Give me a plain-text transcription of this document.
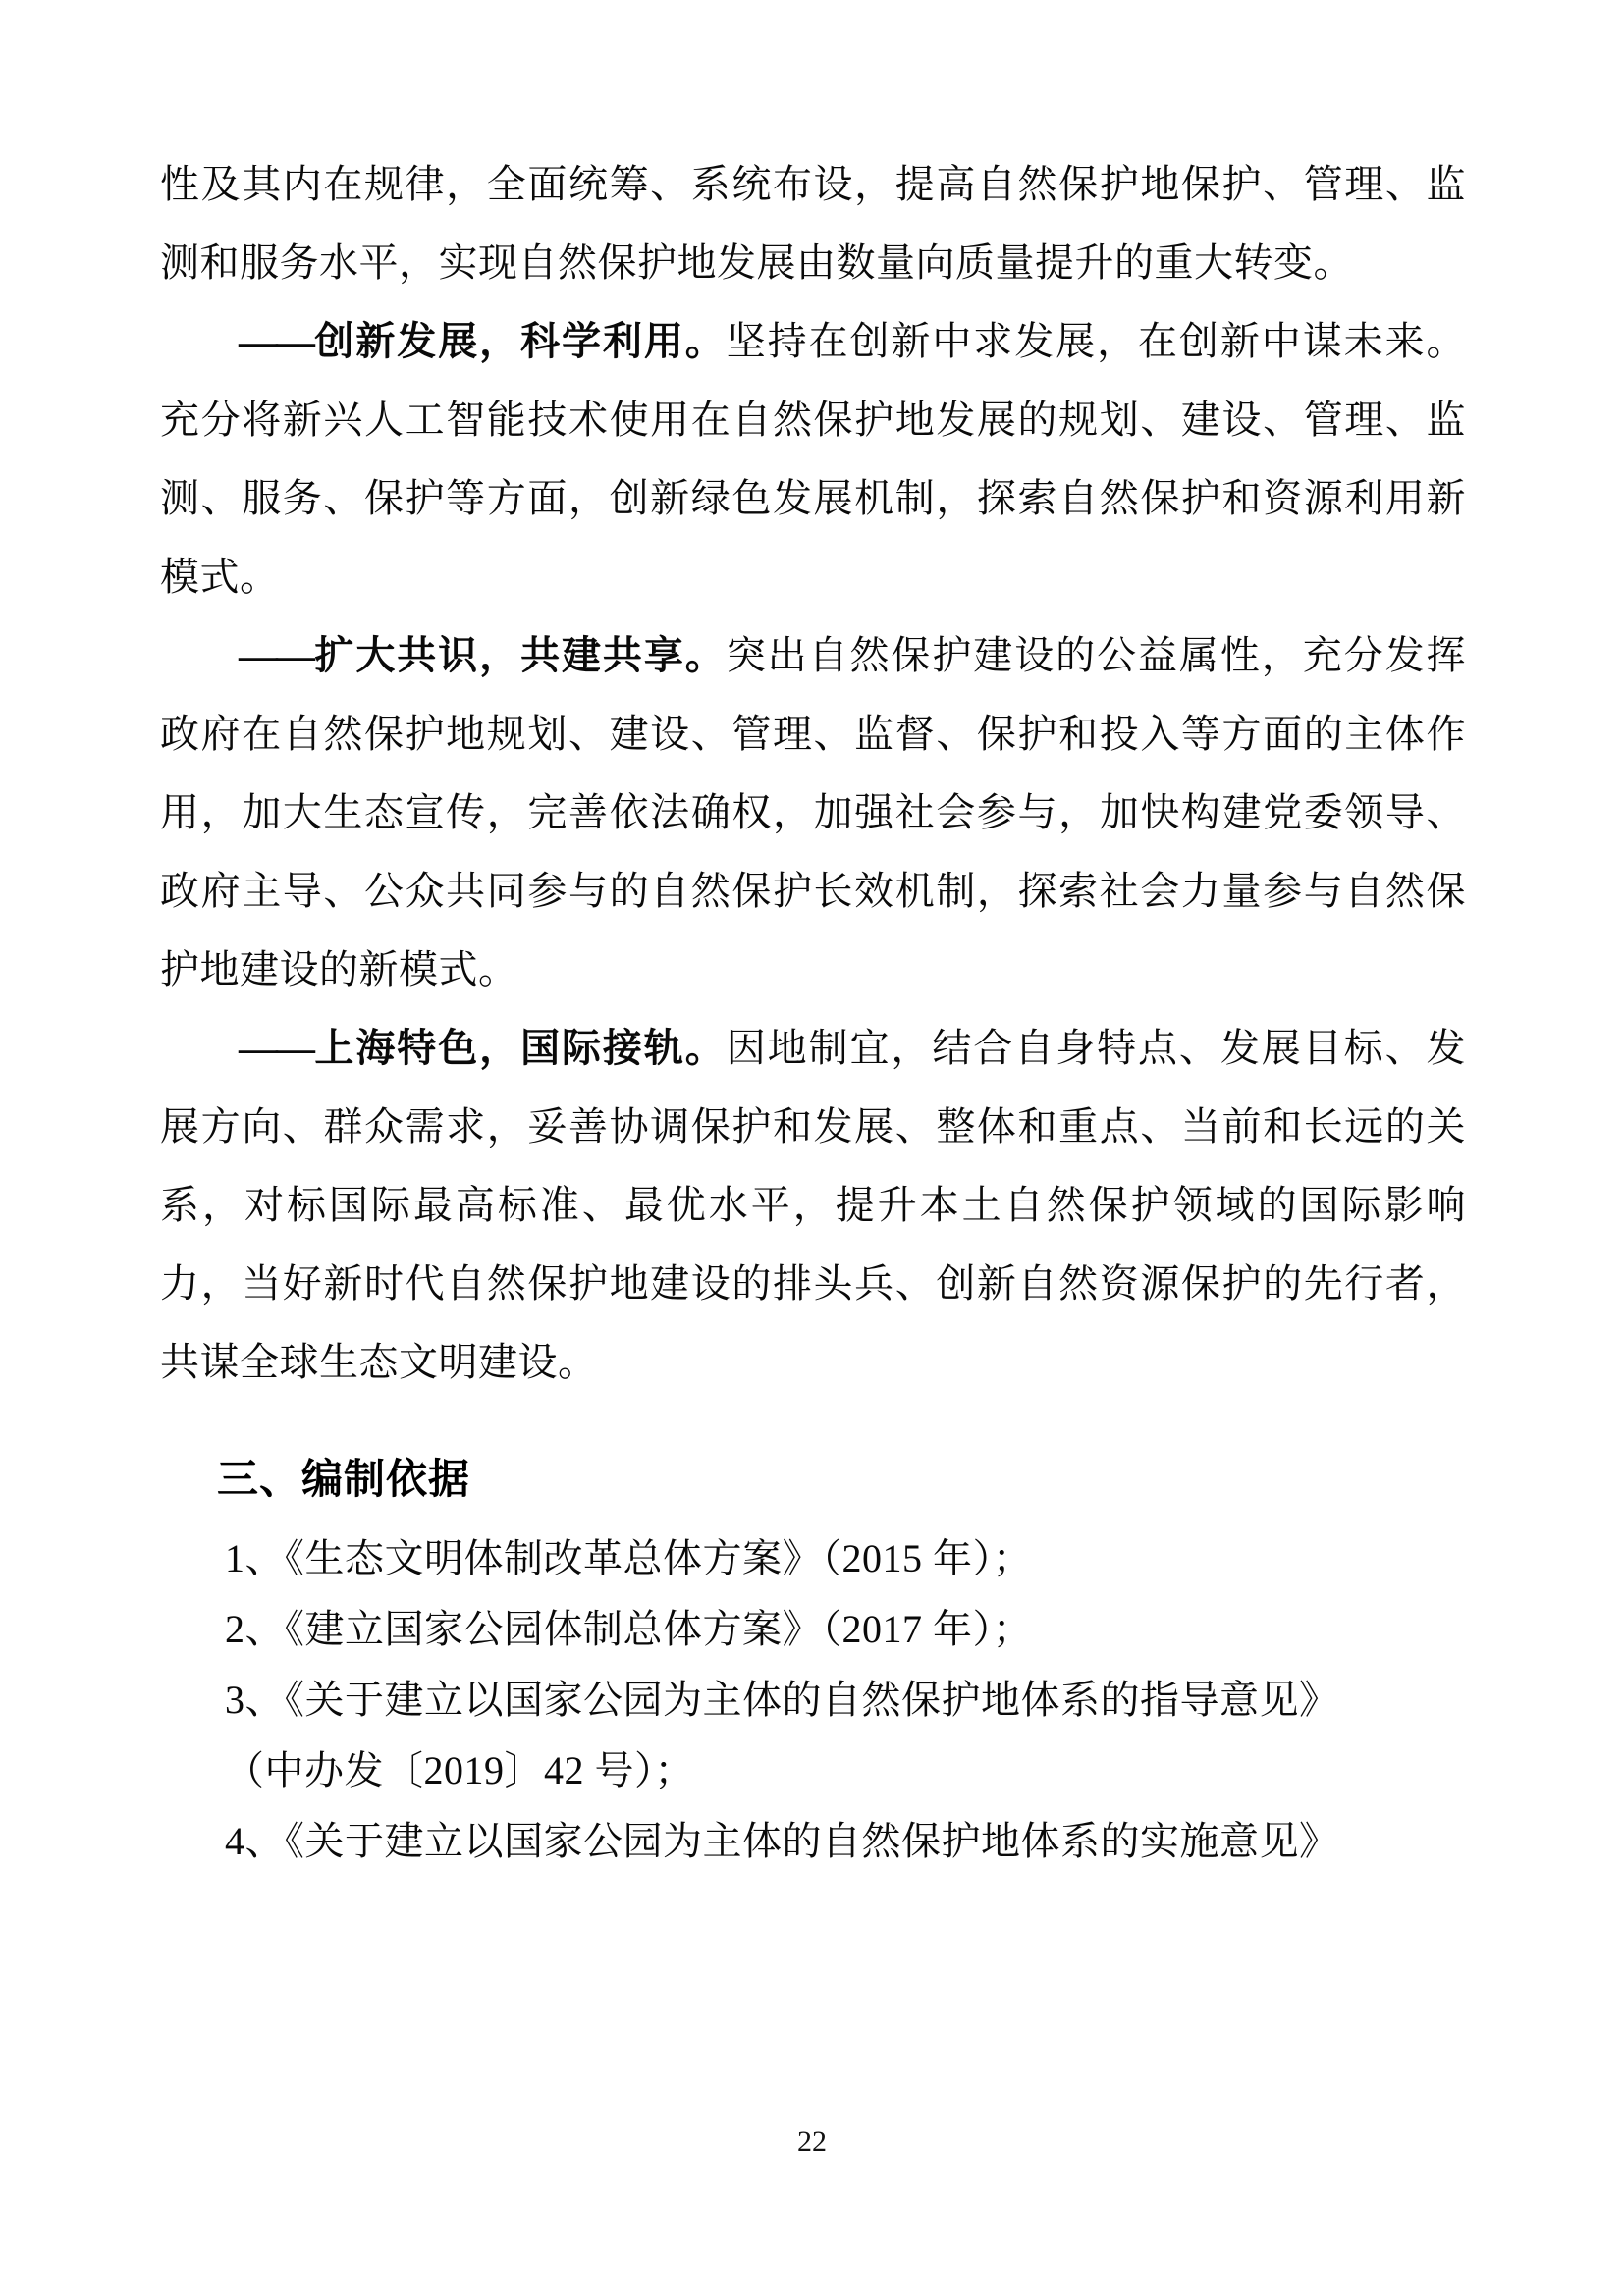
性及其内在规律，全面统筹、系统布设，提高自然保护地保护、管理、监测和服务水平，实现自然保护地发展由数量向质量提升的重大转变。

——创新发展，科学利用。坚持在创新中求发展，在创新中谋未来。充分将新兴人工智能技术使用在自然保护地发展的规划、建设、管理、监测、服务、保护等方面，创新绿色发展机制，探索自然保护和资源利用新模式。

——扩大共识，共建共享。突出自然保护建设的公益属性，充分发挥政府在自然保护地规划、建设、管理、监督、保护和投入等方面的主体作用，加大生态宣传，完善依法确权，加强社会参与，加快构建党委领导、政府主导、公众共同参与的自然保护长效机制，探索社会力量参与自然保护地建设的新模式。

——上海特色，国际接轨。因地制宜，结合自身特点、发展目标、发展方向、群众需求，妥善协调保护和发展、整体和重点、当前和长远的关系，对标国际最高标准、最优水平，提升本土自然保护领域的国际影响力，当好新时代自然保护地建设的排头兵、创新自然资源保护的先行者，共谋全球生态文明建设。

三、编制依据
1、《生态文明体制改革总体方案》（2015 年）；
2、《建立国家公园体制总体方案》（2017 年）；
3、《关于建立以国家公园为主体的自然保护地体系的指导意见》
（中办发〔2019〕42 号）；
4、《关于建立以国家公园为主体的自然保护地体系的实施意见》
22
